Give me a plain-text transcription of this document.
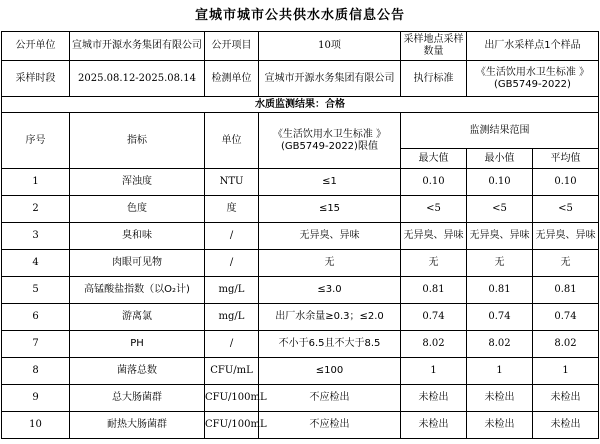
宣城市城市公共供水水质信息公告
公开单位	宣城市开源水务集团有限公司	公开项目	10项	采样地点采样数量	出厂水采样点1个样品	
采样时段	2025.08.12-2025.08.14	检测单位	宣城市开源水务集团有限公司	执行标准	《生活饮用水卫生标准 》(GB5749-2022)	
水质监测结果：合格						
序号	指标	单位	《生活饮用水卫生标准 》(GB5749-2022)限值	监测结果范围		
				最大值	最小值	平均值
1	浑浊度	NTU	≤1	0.10	0.10	0.10
2	色度	度	≤15	<5	<5	<5
3	臭和味	/	无异臭、异味	无异臭、异味	无异臭、异味	无异臭、异味
4	肉眼可见物	/	无	无	无	无
5	高锰酸盐指数（以O₂计)	mg/L	≤3.0	0.81	0.81	0.81
6	游离氯	mg/L	出厂水余量≥0.3；≤2.0	0.74	0.74	0.74
7	PH	/	不小于6.5且不大于8.5	8.02	8.02	8.02
8	菌落总数	CFU/mL	≤100	1	1	1
9	总大肠菌群	CFU/100mL	不应检出	未检出	未检出	未检出
10	耐热大肠菌群	CFU/100mL	不应检出	未检出	未检出	未检出
